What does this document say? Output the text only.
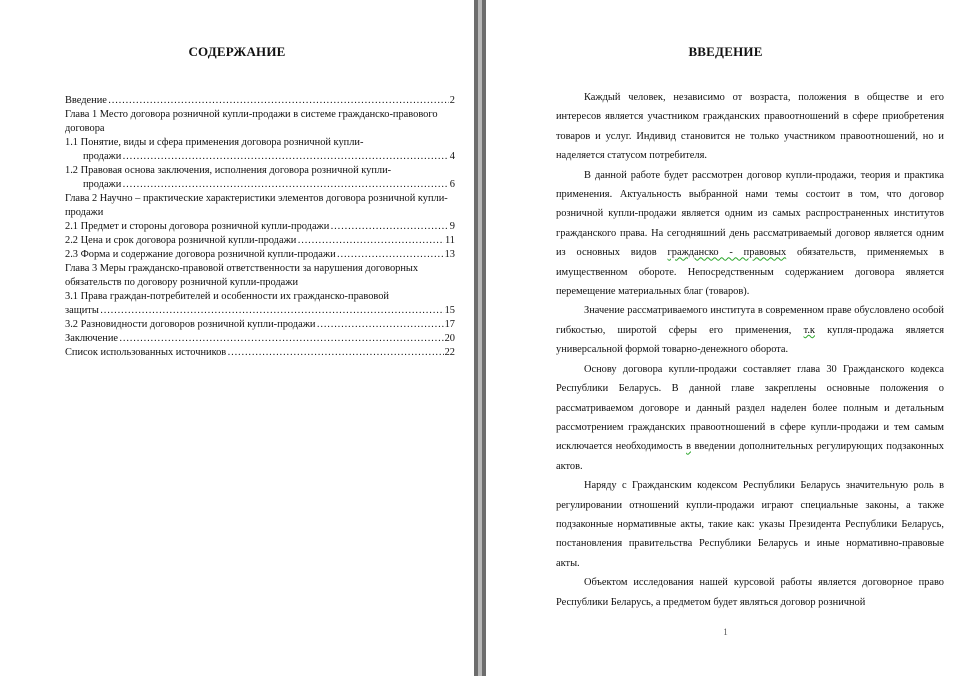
СОДЕРЖАНИЕ
Введение …………………………………………………………………………………………………………………………………………………………………	2
Глава 1 Место договора розничной купли-продажи в системе гражданско-правового договора
1.1 Понятие, виды и сфера применения договора розничной купли-
продажи …………………………………………………………………………………………………………………………………………………………………	4
1.2 Правовая основа заключения, исполнения договора розничной купли-
продажи …………………………………………………………………………………………………………………………………………………………………	6
Глава 2 Научно – практические характеристики элементов договора розничной купли-продажи
2.1 Предмет и стороны договора розничной купли-продажи …………………………………………………………………………………………………………………………………………………………………	9
2.2 Цена и срок договора розничной купли-продажи …………………………………………………………………………………………………………………………………………………………………	11
2.3 Форма и содержание договора розничной купли-продажи …………………………………………………………………………………………………………………………………………………………………	13
Глава 3 Меры гражданско-правовой ответственности за нарушения договорных обязательств по договору розничной купли-продажи
3.1 Права граждан-потребителей и особенности их гражданско-правовой
защиты …………………………………………………………………………………………………………………………………………………………………	15
3.2 Разновидности договоров розничной купли-продажи …………………………………………………………………………………………………………………………………………………………………	17
Заключение …………………………………………………………………………………………………………………………………………………………………	20
Список использованных источников …………………………………………………………………………………………………………………………………………………………………	22
ВВЕДЕНИЕ

Каждый человек, независимо от возраста, положения в обществе и его интересов является участником гражданских правоотношений в сфере приобретения товаров и услуг. Индивид становится не только участником правоотношений, но и наделяется статусом потребителя.

В данной работе будет рассмотрен договор купли-продажи, теория и практика применения. Актуальность выбранной нами темы состоит в том, что договор розничной купли-продажи является одним из самых распространенных институтов гражданского права. На сегодняшний день рассматриваемый договор является одним из основных видов гражданско - правовых обязательств, применяемых в имущественном обороте. Непосредственным содержанием договора является перемещение материальных благ (товаров).

Значение рассматриваемого института в современном праве обусловлено особой гибкостью, широтой сферы его применения, т.к купля-продажа является универсальной формой товарно-денежного оборота.

Основу договора купли-продажи составляет глава 30 Гражданского кодекса Республики Беларусь. В данной главе закреплены основные положения о рассматриваемом договоре и данный раздел наделен более полным и детальным рассмотрением гражданских правоотношений в сфере купли-продажи и тем самым исключается необходимость в введении дополнительных регулирующих подзаконных актов.

Наряду с Гражданским кодексом Республики Беларусь значительную роль в регулировании отношений купли-продажи играют специальные законы, а также подзаконные нормативные акты, такие как: указы Президента Республики Беларусь, постановления правительства Республики Беларусь и иные нормативно-правовые акты.

Объектом исследования нашей курсовой работы является договорное право Республики Беларусь, а предметом будет являться договор розничной

1
